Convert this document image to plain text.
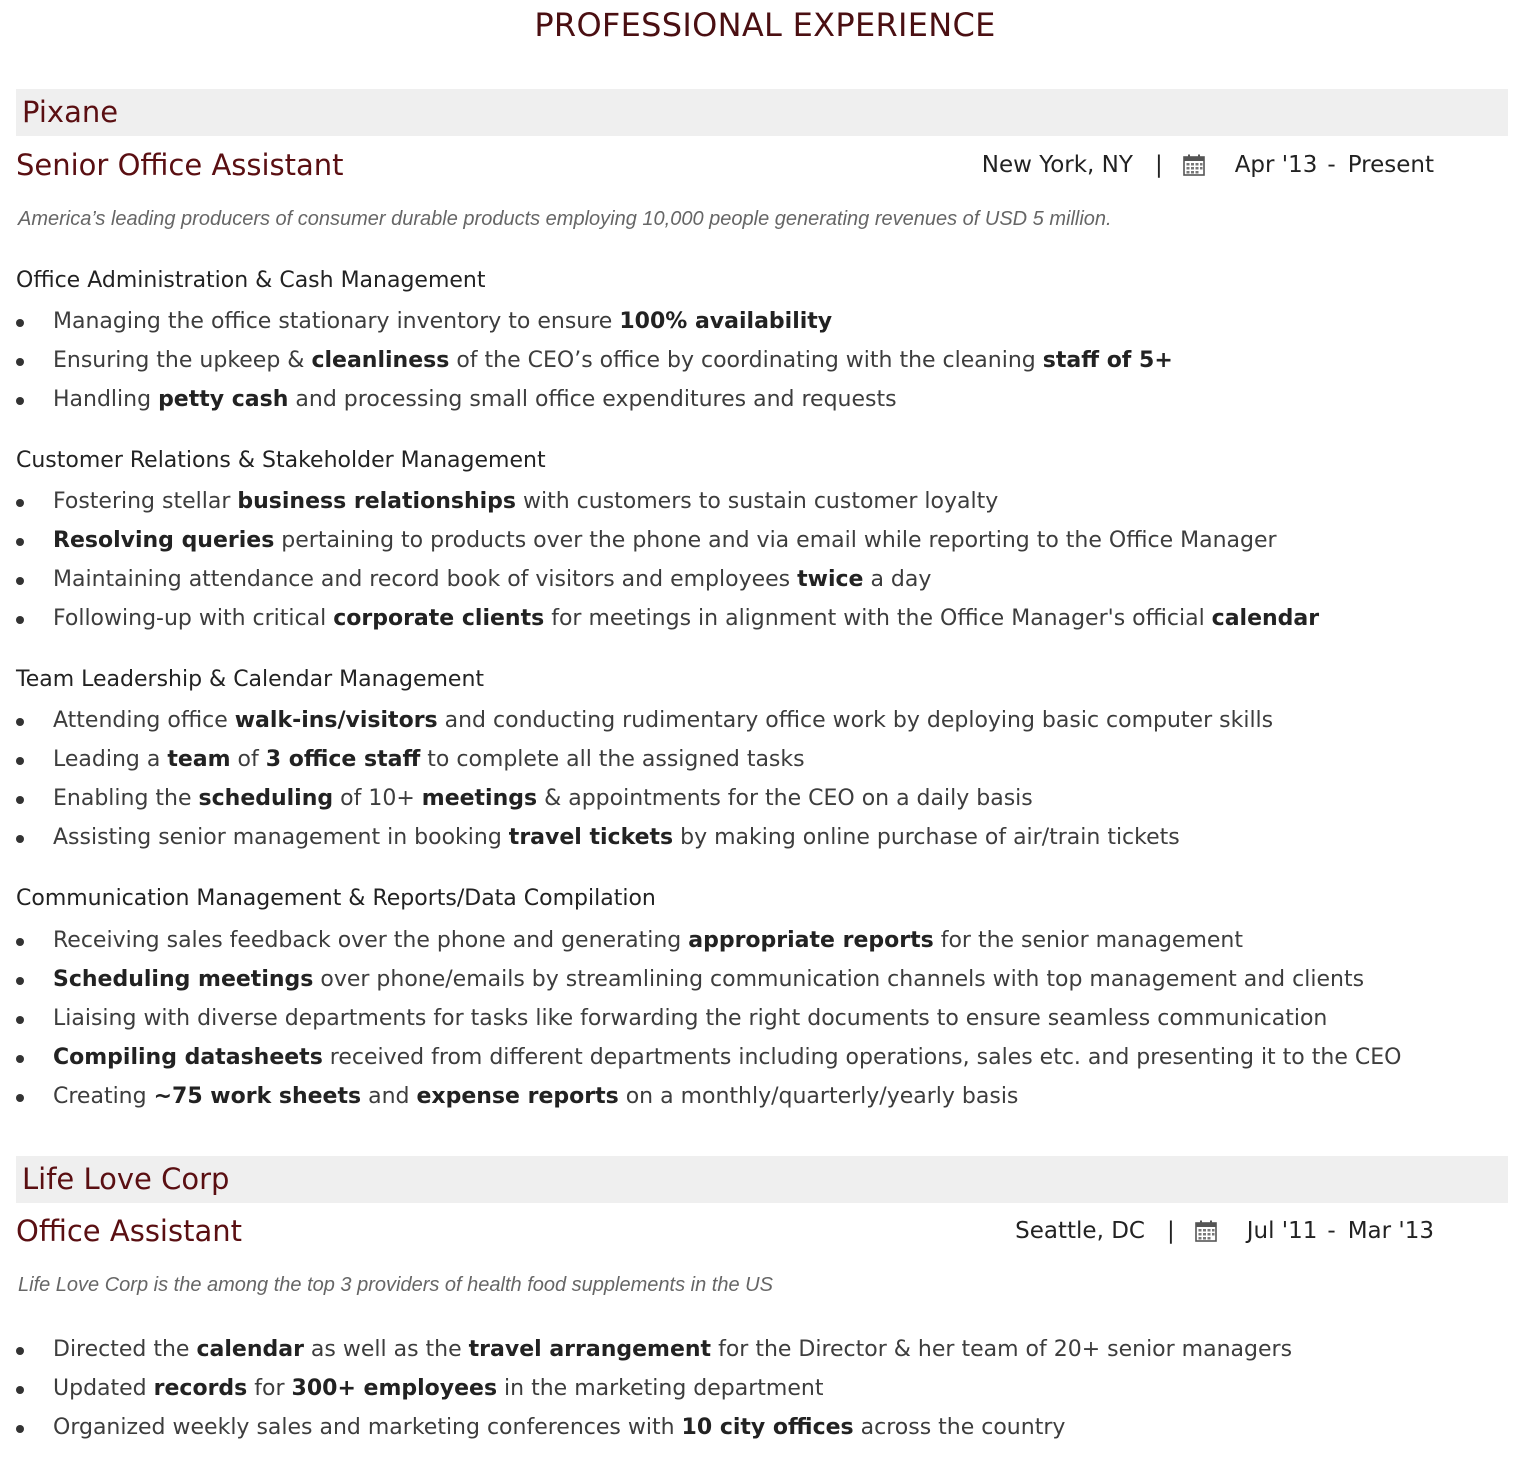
PROFESSIONAL EXPERIENCE
Pixane
Senior Office Assistant	New York, NY |	Apr '13 - Present
America’s leading producers of consumer durable products employing 10,000 people generating revenues of USD 5 million.
Office Administration & Cash Management
Managing the office stationary inventory to ensure 100% availability
Ensuring the upkeep & cleanliness of the CEO’s office by coordinating with the cleaning staff of 5+
Handling petty cash and processing small office expenditures and requests
Customer Relations & Stakeholder Management
Fostering stellar business relationships with customers to sustain customer loyalty
Resolving queries pertaining to products over the phone and via email while reporting to the Office Manager
Maintaining attendance and record book of visitors and employees twice a day
Following-up with critical corporate clients for meetings in alignment with the Office Manager's official calendar
Team Leadership & Calendar Management
Attending office walk-ins/visitors and conducting rudimentary office work by deploying basic computer skills
Leading a team of 3 office staff to complete all the assigned tasks
Enabling the scheduling of 10+ meetings & appointments for the CEO on a daily basis
Assisting senior management in booking travel tickets by making online purchase of air/train tickets
Communication Management & Reports/Data Compilation
Receiving sales feedback over the phone and generating appropriate reports for the senior management
Scheduling meetings over phone/emails by streamlining communication channels with top management and clients
Liaising with diverse departments for tasks like forwarding the right documents to ensure seamless communication
Compiling datasheets received from different departments including operations, sales etc. and presenting it to the CEO
Creating ~75 work sheets and expense reports on a monthly/quarterly/yearly basis
Life Love Corp
Office Assistant	Seattle, DC |	Jul '11 - Mar '13
Life Love Corp is the among the top 3 providers of health food supplements in the US
Directed the calendar as well as the travel arrangement for the Director & her team of 20+ senior managers
Updated records for 300+ employees in the marketing department
Organized weekly sales and marketing conferences with 10 city offices across the country
